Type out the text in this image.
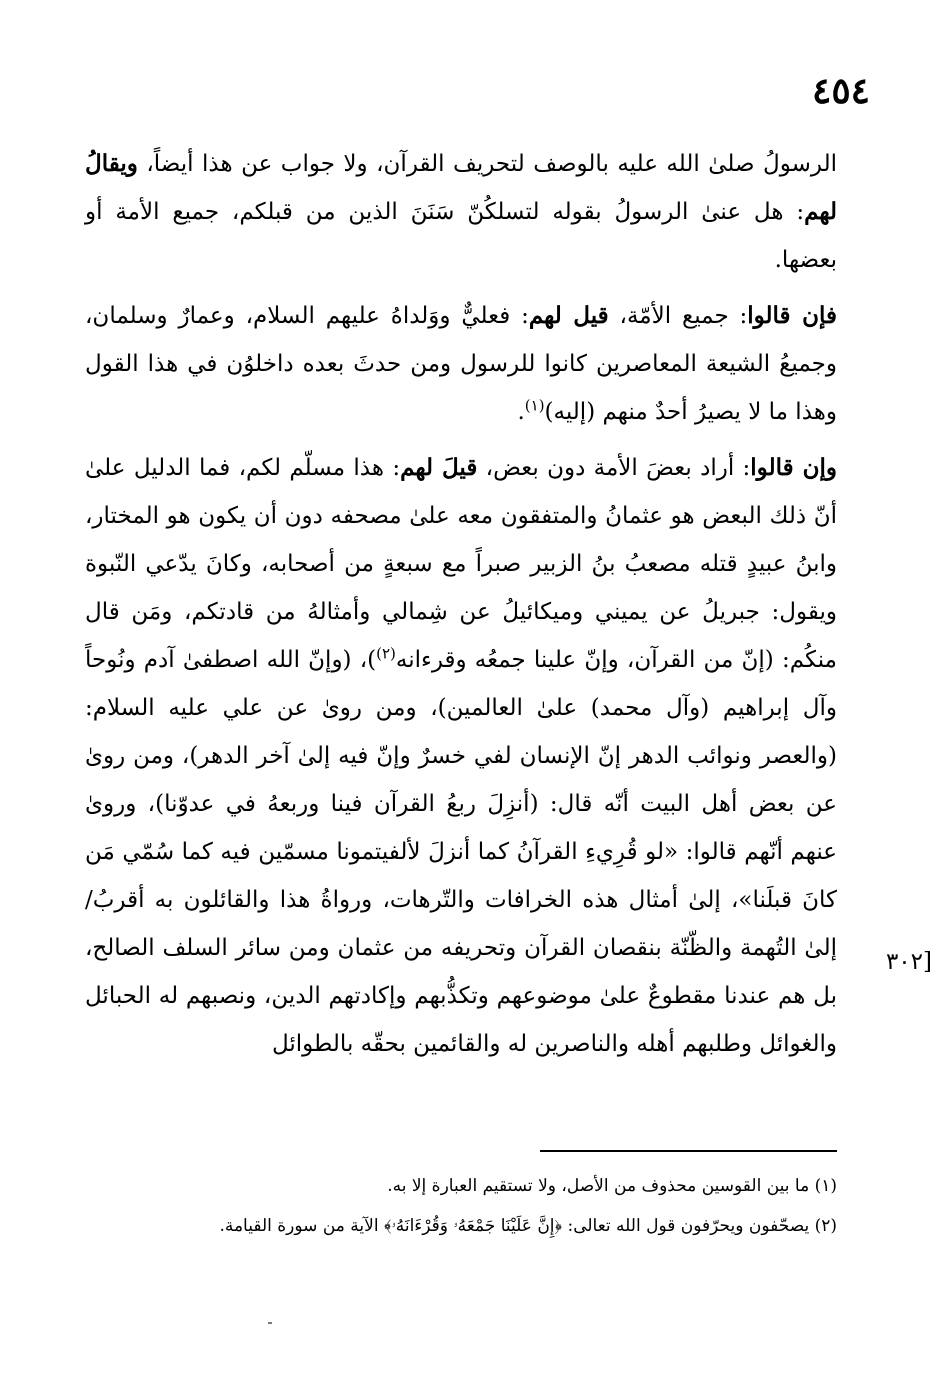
٤٥٤

الرسولُ صلىٰ الله عليه بالوصف لتحريف القرآن، ولا جواب عن هذا أيضاً، ويقالُ لهم: هل عنىٰ الرسولُ بقوله لتسلكُنّ سَنَنَ الذين من قبلكم، جميع الأمة أو بعضها.

فإن قالوا: جميع الأمّة، قيل لهم: فعليٌّ ووَلداهُ عليهم السلام، وعمارٌ وسلمان، وجميعُ الشيعة المعاصرين كانوا للرسول ومن حدثَ بعده داخلوُن في هذا القول وهذا ما لا يصيرُ أحدٌ منهم (إليه)$^{(١)}$.

وإن قالوا: أراد بعضَ الأمة دون بعض، قيلَ لهم: هذا مسلّم لكم، فما الدليل علىٰ أنّ ذلك البعض هو عثمانُ والمتفقون معه علىٰ مصحفه دون أن يكون هو المختار، وابنُ عبيدٍ قتله مصعبُ بنُ الزبير صبراً مع سبعةٍ من أصحابه، وكانَ يدّعي النّبوة ويقول: جبريلُ عن يميني وميكائيلُ عن شِمالي وأمثالهُ من قادتكم، ومَن قال منكُم: (إنّ من القرآن، وإنّ علينا جمعُه وقرءانه$^{(٢)}$)، (وإنّ الله اصطفىٰ آدم ونُوحاً وآل إبراهيم (وآل محمد) علىٰ العالمين)، ومن روىٰ عن علي عليه السلام: (والعصر ونوائب الدهر إنّ الإنسان لفي خسرٌ وإنّ فيه إلىٰ آخر الدهر)، ومن روىٰ عن بعض أهل البيت أنّه قال: (أنزِلَ ربعُ القرآن فينا وربعهُ في عدوّنا)، وروىٰ عنهم أنّهم قالوا: «لو قُرِيءِ القرآنُ كما أنزلَ لألفيتمونا مسمّين فيه كما سُمّي مَن كانَ قبلَنا»، إلىٰ أمثال هذه الخرافات والتّرهات، ورواةُ هذا والقائلون به أقربُ/ إلىٰ التُهمة والظّنّة بنقصان القرآن وتحريفه من عثمان ومن سائر السلف الصالح، بل هم عندنا مقطوعٌ علىٰ موضوعهم وتكذُّبهم وإكادتهم الدين، ونصبهم له الحبائل والغوائل وطلبهم أهله والناصرين له والقائمين بحقّه بالطوائل

[٣٠٢

(١) ما بين القوسين محذوف من الأصل، ولا تستقيم العبارة إلا به.

(٢) يصحّفون ويحرّفون قول الله تعالى: ﴿إِنَّ عَلَيْنَا جَمْعَهُۥ وَقُرْءَانَهُۥ﴾ الآية من سورة القيامة.
